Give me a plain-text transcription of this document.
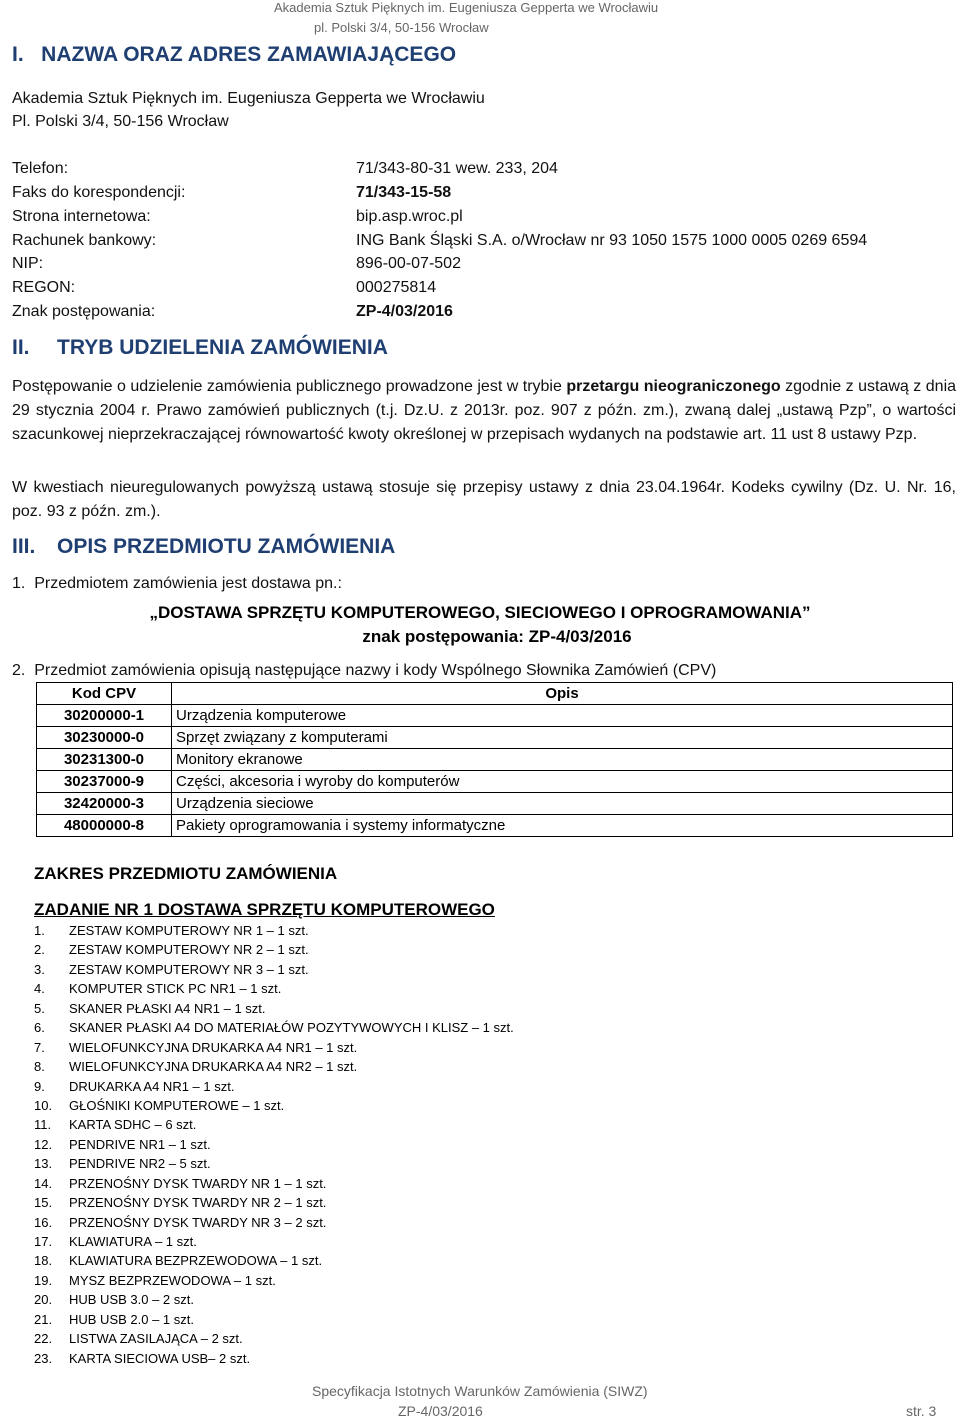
Akademia Sztuk Pięknych im. Eugeniusza Gepperta we Wrocławiu
pl. Polski 3/4, 50-156 Wrocław
I.   NAZWA ORAZ ADRES ZAMAWIAJĄCEGO
Akademia Sztuk Pięknych im. Eugeniusza Gepperta we Wrocławiu
Pl. Polski 3/4, 50-156 Wrocław
Telefon:	71/343-80-31 wew. 233, 204
Faks do korespondencji:	71/343-15-58
Strona internetowa:	bip.asp.wroc.pl
Rachunek bankowy:	ING Bank Śląski S.A. o/Wrocław nr 93 1050 1575 1000 0005 0269 6594
NIP:	896-00-07-502
REGON:	000275814
Znak postępowania:	ZP-4/03/2016
II. TRYB UDZIELENIA ZAMÓWIENIA
Postępowanie o udzielenie zamówienia publicznego prowadzone jest w trybie przetargu nieograniczonego zgodnie z ustawą z dnia 29 stycznia 2004 r. Prawo zamówień publicznych (t.j. Dz.U. z 2013r. poz. 907 z późn. zm.), zwaną dalej „ustawą Pzp”, o wartości szacunkowej nieprzekraczającej równowartość kwoty określonej w przepisach wydanych na podstawie art. 11 ust 8 ustawy Pzp.
W kwestiach nieuregulowanych powyższą ustawą stosuje się przepisy ustawy z dnia 23.04.1964r. Kodeks cywilny (Dz. U. Nr. 16, poz. 93 z późn. zm.).
III. OPIS PRZEDMIOTU ZAMÓWIENIA
1.  Przedmiotem zamówienia jest dostawa pn.:
„DOSTAWA SPRZĘTU KOMPUTEROWEGO, SIECIOWEGO I OPROGRAMOWANIA”
znak postępowania: ZP-4/03/2016
2.  Przedmiot zamówienia opisują następujące nazwy i kody Wspólnego Słownika Zamówień (CPV)
Kod CPV	Opis
30200000-1	Urządzenia komputerowe
30230000-0	Sprzęt związany z komputerami
30231300-0	Monitory ekranowe
30237000-9	Części, akcesoria i wyroby do komputerów
32420000-3	Urządzenia sieciowe
48000000-8	Pakiety oprogramowania i systemy informatyczne
ZAKRES PRZEDMIOTU ZAMÓWIENIA
ZADANIE NR 1 DOSTAWA SPRZĘTU KOMPUTEROWEGO
1.	ZESTAW KOMPUTEROWY NR 1 – 1 szt.
2.	ZESTAW KOMPUTEROWY NR 2 – 1 szt.
3.	ZESTAW KOMPUTEROWY NR 3 – 1 szt.
4.	KOMPUTER STICK PC NR1 – 1 szt.
5.	SKANER PŁASKI A4 NR1 – 1 szt.
6.	SKANER PŁASKI A4 DO MATERIAŁÓW POZYTYWOWYCH I KLISZ – 1 szt.
7.	WIELOFUNKCYJNA DRUKARKA A4 NR1 – 1 szt.
8.	WIELOFUNKCYJNA DRUKARKA A4 NR2 – 1 szt.
9.	DRUKARKA A4 NR1 – 1 szt.
10.	GŁOŚNIKI KOMPUTEROWE – 1 szt.
11.	KARTA SDHC – 6 szt.
12.	PENDRIVE NR1 – 1 szt.
13.	PENDRIVE NR2 – 5 szt.
14.	PRZENOŚNY DYSK TWARDY NR 1 – 1 szt.
15.	PRZENOŚNY DYSK TWARDY NR 2 – 1 szt.
16.	PRZENOŚNY DYSK TWARDY NR 3 – 2 szt.
17.	KLAWIATURA – 1 szt.
18.	KLAWIATURA BEZPRZEWODOWA – 1 szt.
19.	MYSZ BEZPRZEWODOWA – 1 szt.
20.	HUB USB 3.0 – 2 szt.
21.	HUB USB 2.0 – 1 szt.
22.	LISTWA ZASILAJĄCA – 2 szt.
23.	KARTA SIECIOWA USB– 2 szt.
Specyfikacja Istotnych Warunków Zamówienia (SIWZ)
ZP-4/03/2016	str. 3
